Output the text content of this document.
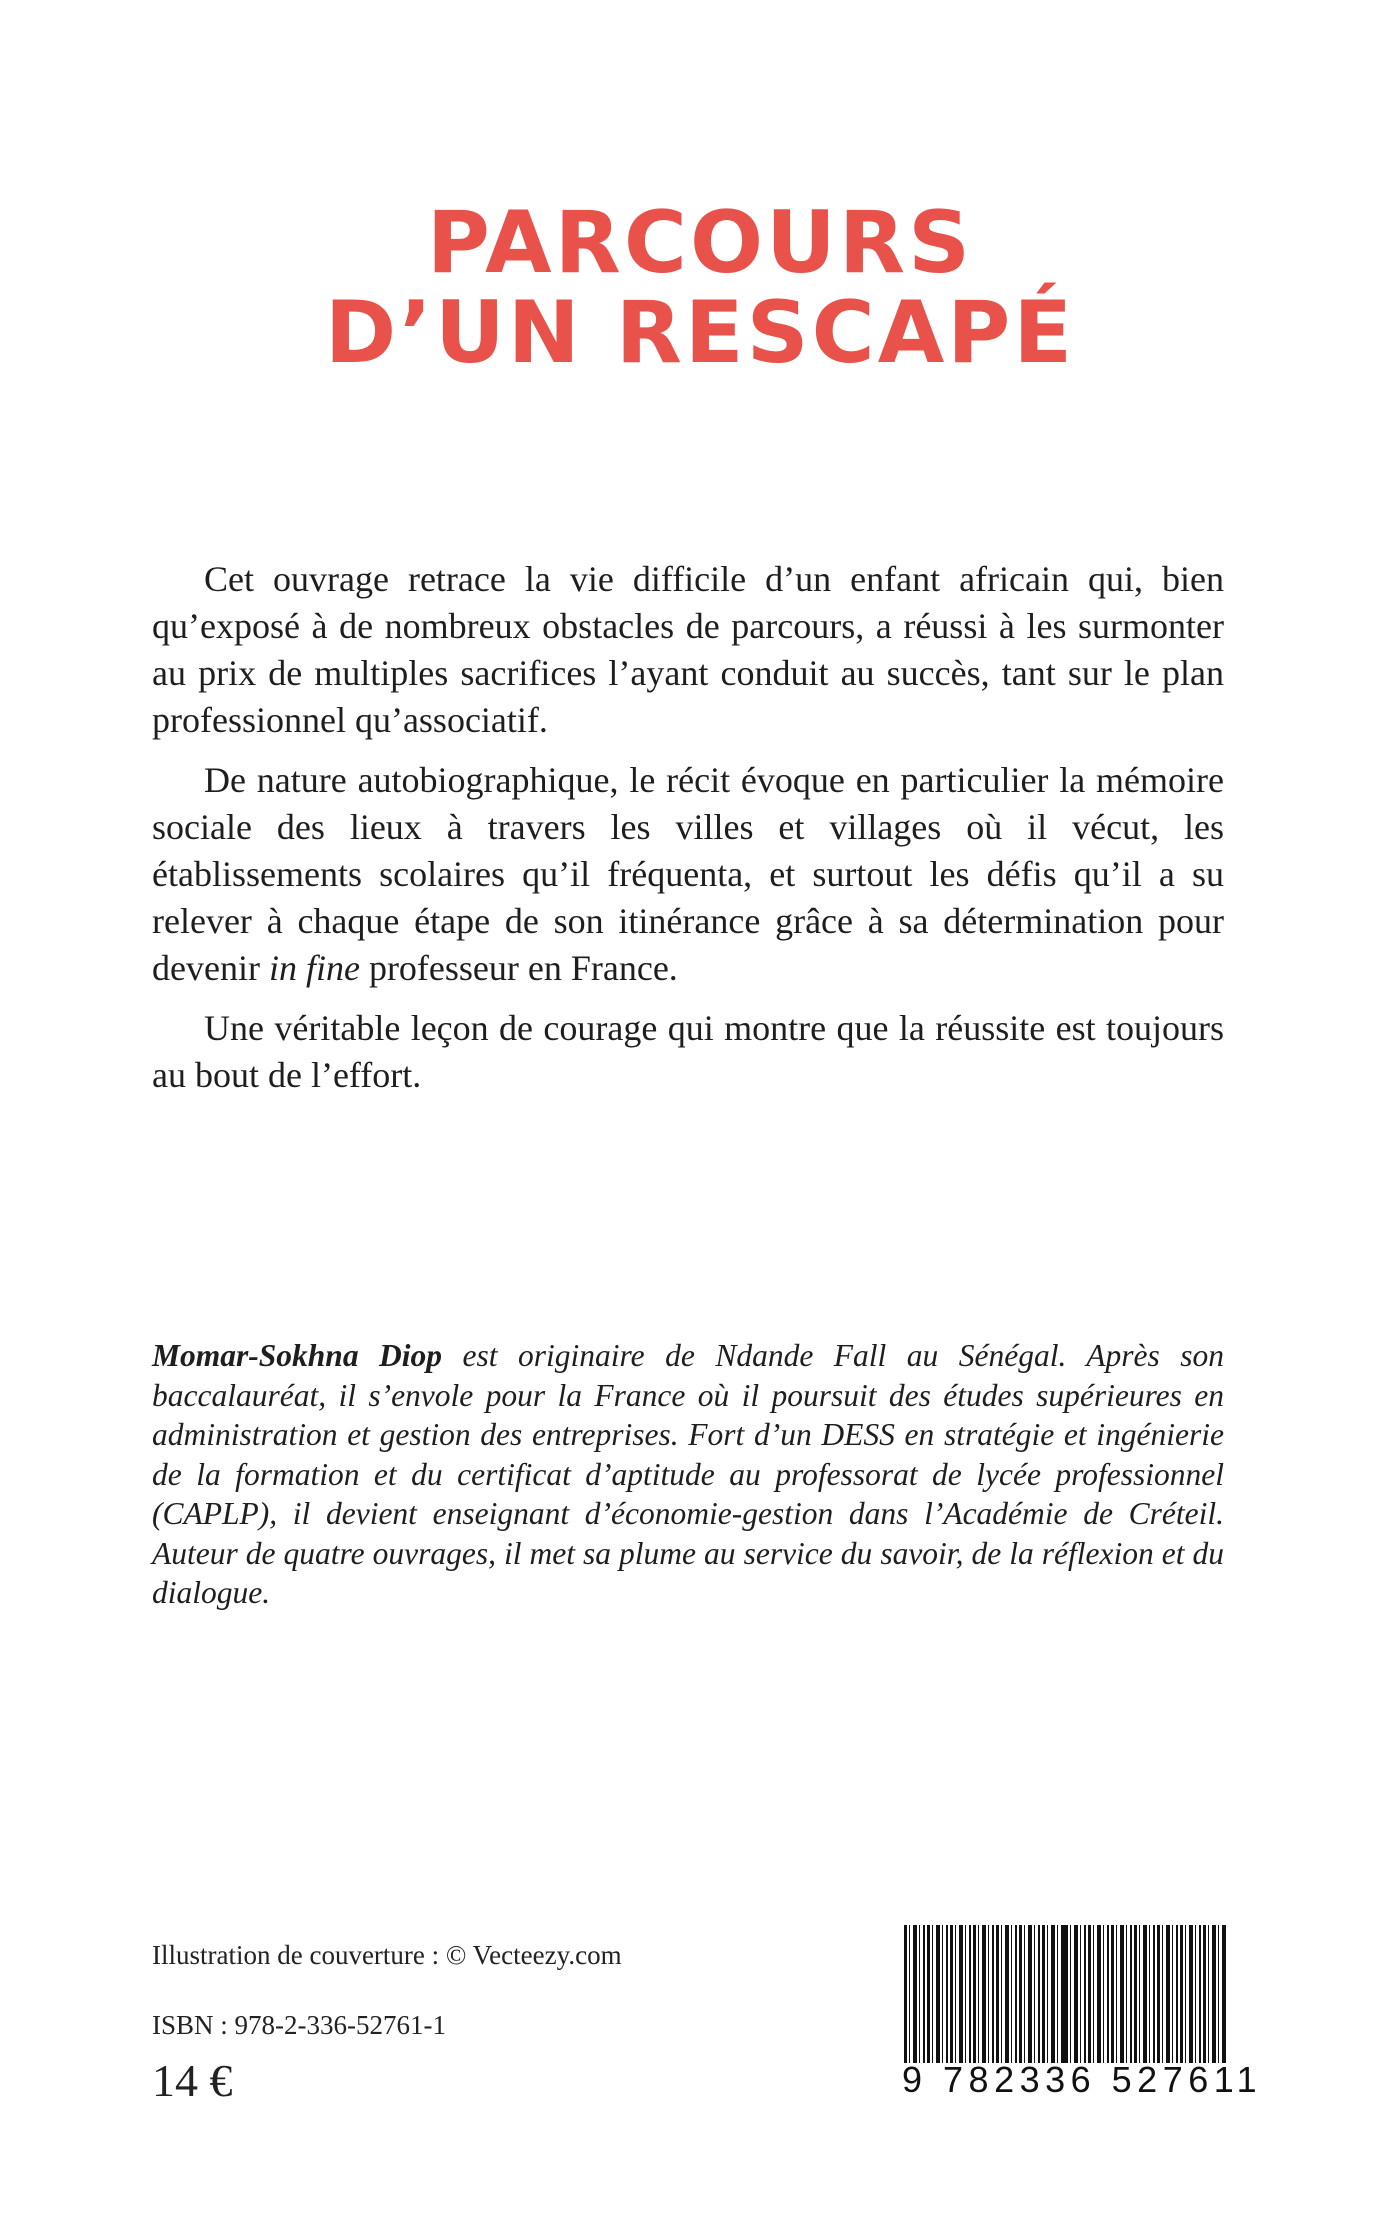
PARCOURS
D’UN RESCAPÉ

Cet ouvrage retrace la vie difficile d’un enfant africain qui, bien qu’exposé à de nombreux obstacles de parcours, a réussi à les surmonter au prix de multiples sacrifices l’ayant conduit au succès, tant sur le plan professionnel qu’associatif.

De nature autobiographique, le récit évoque en particulier la mémoire sociale des lieux à travers les villes et villages où il vécut, les établissements scolaires qu’il fréquenta, et surtout les défis qu’il a su relever à chaque étape de son itinérance grâce à sa détermination pour devenir in fine professeur en France.

Une véritable leçon de courage qui montre que la réussite est toujours au bout de l’effort.

Momar-Sokhna Diop est originaire de Ndande Fall au Sénégal. Après son baccalauréat, il s’envole pour la France où il poursuit des études supérieures en administration et gestion des entreprises. Fort d’un DESS en stratégie et ingénierie de la formation et du certificat d’aptitude au professorat de lycée professionnel (CAPLP), il devient enseignant d’économie-gestion dans l’Académie de Créteil. Auteur de quatre ouvrages, il met sa plume au service du savoir, de la réflexion et du dialogue.

Illustration de couverture : © Vecteezy.com
ISBN : 978-2-336-52761-1
14 €	9 782336 527611
